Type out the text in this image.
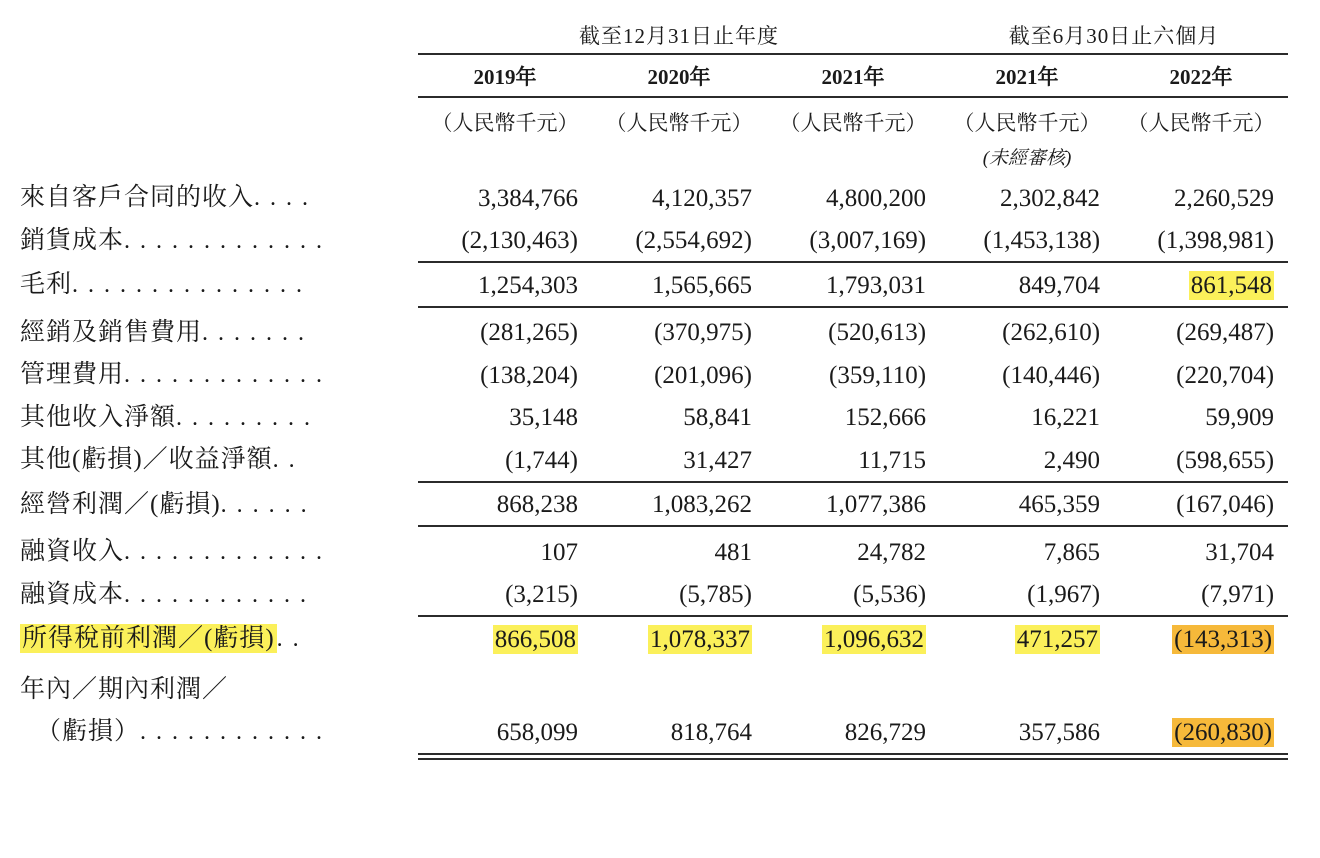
	截至12月31日止年度			截至6月30日止六個月	

	2019年	2020年	2021年	2021年	2022年

	（人民幣千元）	（人民幣千元）	（人民幣千元）	（人民幣千元）	（人民幣千元）
				(未經審核)	
來自客戶合同的收入. . . .	3,384,766	4,120,357	4,800,200	2,302,842	2,260,529
銷貨成本. . . . . . . . . . . . .	(2,130,463)	(2,554,692)	(3,007,169)	(1,453,138)	(1,398,981)

毛利. . . . . . . . . . . . . . .	1,254,303	1,565,665	1,793,031	849,704	861,548

經銷及銷售費用. . . . . . .	(281,265)	(370,975)	(520,613)	(262,610)	(269,487)
管理費用. . . . . . . . . . . . .	(138,204)	(201,096)	(359,110)	(140,446)	(220,704)
其他收入淨額. . . . . . . . .	35,148	58,841	152,666	16,221	59,909
其他(虧損)／收益淨額. .	(1,744)	31,427	11,715	2,490	(598,655)

經營利潤／(虧損). . . . . .	868,238	1,083,262	1,077,386	465,359	(167,046)

融資收入. . . . . . . . . . . . .	107	481	24,782	7,865	31,704
融資成本. . . . . . . . . . . .	(3,215)	(5,785)	(5,536)	(1,967)	(7,971)

所得稅前利潤／(虧損). .	866,508	1,078,337	1,096,632	471,257	(143,313)

年內／期內利潤／					
（虧損）. . . . . . . . . . . .	658,099	818,764	826,729	357,586	(260,830)
